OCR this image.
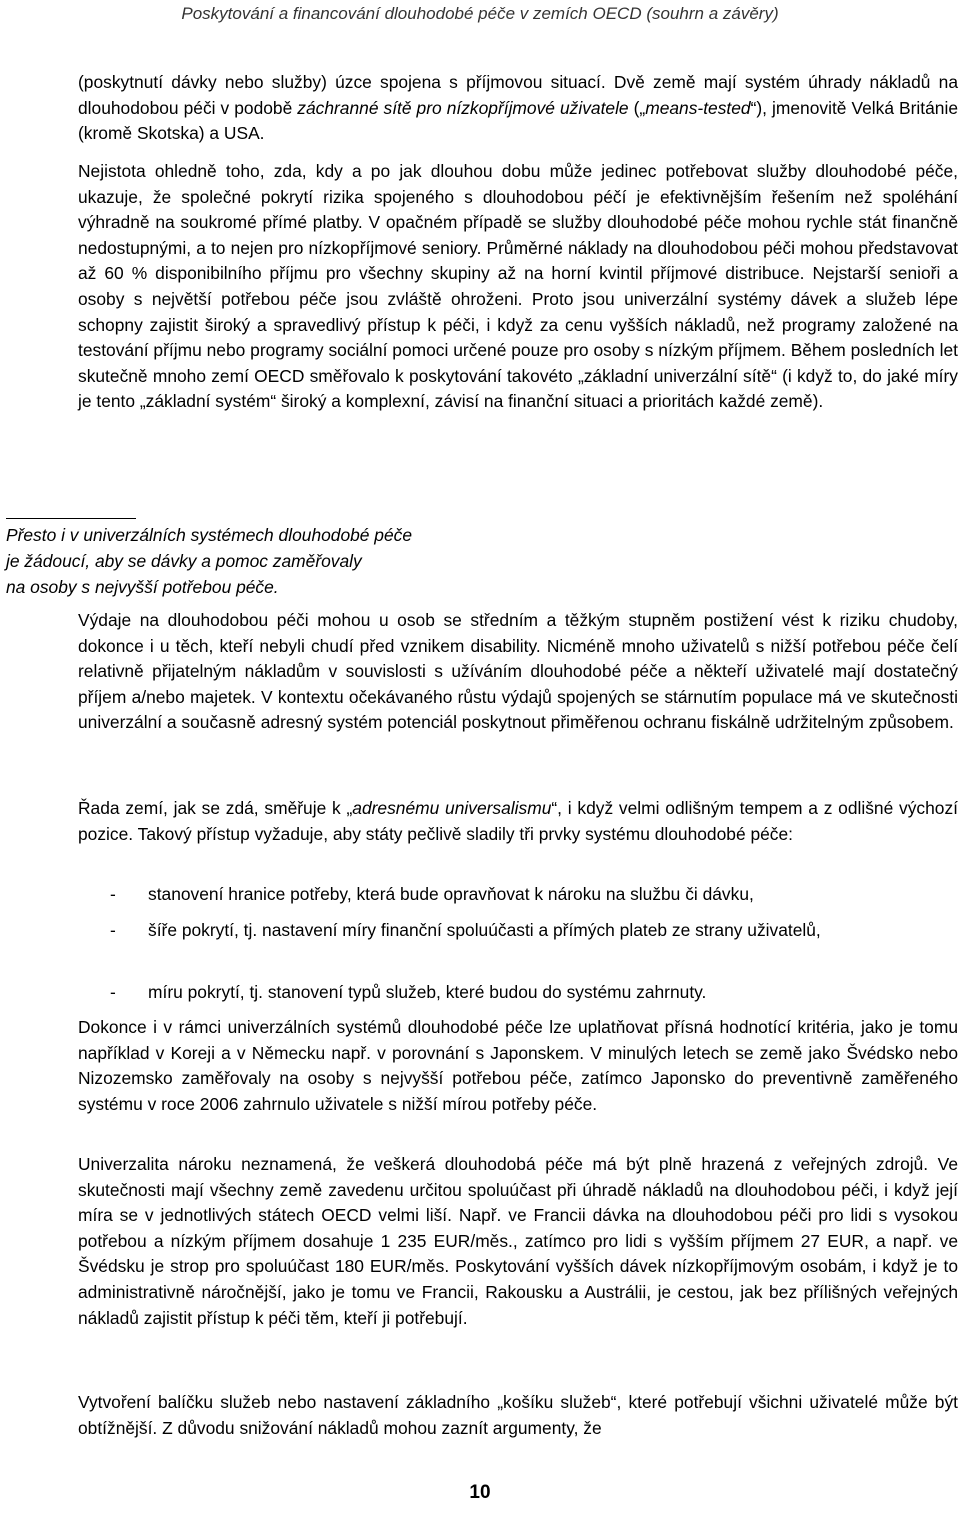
Poskytování a financování dlouhodobé péče v zemích OECD (souhrn a závěry)

(poskytnutí dávky nebo služby) úzce spojena s příjmovou situací. Dvě země mají systém úhrady nákladů na dlouhodobou péči v podobě záchranné sítě pro nízkopříjmové uživatele („means-tested“), jmenovitě Velká Británie (kromě Skotska) a USA.

Nejistota ohledně toho, zda, kdy a po jak dlouhou dobu může jedinec potřebovat služby dlouhodobé péče, ukazuje, že společné pokrytí rizika spojeného s dlouhodobou péčí je efektivnějším řešením než spoléhání výhradně na soukromé přímé platby. V opačném případě se služby dlouhodobé péče mohou rychle stát finančně nedostupnými, a to nejen pro nízkopříjmové seniory. Průměrné náklady na dlouhodobou péči mohou představovat až 60 % disponibilního příjmu pro všechny skupiny až na horní kvintil příjmové distribuce. Nejstarší senioři a osoby s největší potřebou péče jsou zvláště ohroženi. Proto jsou univerzální systémy dávek a služeb lépe schopny zajistit široký a spravedlivý přístup k péči, i když za cenu vyšších nákladů, než programy založené na testování příjmu nebo programy sociální pomoci určené pouze pro osoby s nízkým příjmem. Během posledních let skutečně mnoho zemí OECD směřovalo k poskytování takovéto „základní univerzální sítě“ (i když to, do jaké míry je tento „základní systém“ široký a komplexní, závisí na finanční situaci a prioritách každé země).

Přesto i v univerzálních systémech dlouhodobé péče
je žádoucí, aby se dávky a pomoc zaměřovaly
na osoby s nejvyšší potřebou péče.

Výdaje na dlouhodobou péči mohou u osob se středním a těžkým stupněm postižení vést k riziku chudoby, dokonce i u těch, kteří nebyli chudí před vznikem disability. Nicméně mnoho uživatelů s nižší potřebou péče čelí relativně přijatelným nákladům v souvislosti s užíváním dlouhodobé péče a někteří uživatelé mají dostatečný příjem a/nebo majetek. V kontextu očekávaného růstu výdajů spojených se stárnutím populace má ve skutečnosti univerzální a současně adresný systém potenciál poskytnout přiměřenou ochranu fiskálně udržitelným způsobem.

Řada zemí, jak se zdá, směřuje k „adresnému universalismu“, i když velmi odlišným tempem a z odlišné výchozí pozice. Takový přístup vyžaduje, aby státy pečlivě sladily tři prvky systému dlouhodobé péče:

- stanovení hranice potřeby, která bude opravňovat k nároku na službu či dávku,
- šíře pokrytí, tj. nastavení míry finanční spoluúčasti a přímých plateb ze strany uživatelů,
- míru pokrytí, tj. stanovení typů služeb, které budou do systému zahrnuty.

Dokonce i v rámci univerzálních systémů dlouhodobé péče lze uplatňovat přísná hodnotící kritéria, jako je tomu například v Koreji a v Německu např. v porovnání s Japonskem. V minulých letech se země jako Švédsko nebo Nizozemsko zaměřovaly na osoby s nejvyšší potřebou péče, zatímco Japonsko do preventivně zaměřeného systému v roce 2006 zahrnulo uživatele s nižší mírou potřeby péče.

Univerzalita nároku neznamená, že veškerá dlouhodobá péče má být plně hrazená z veřejných zdrojů. Ve skutečnosti mají všechny země zavedenu určitou spoluúčast při úhradě nákladů na dlouhodobou péči, i když její míra se v jednotlivých státech OECD velmi liší. Např. ve Francii dávka na dlouhodobou péči pro lidi s vysokou potřebou a nízkým příjmem dosahuje 1 235 EUR/měs., zatímco pro lidi s vyšším příjmem 27 EUR, a např. ve Švédsku je strop pro spoluúčast 180 EUR/měs. Poskytování vyšších dávek nízkopříjmovým osobám, i když je to administrativně náročnější, jako je tomu ve Francii, Rakousku a Austrálii, je cestou, jak bez přílišných veřejných nákladů zajistit přístup k péči těm, kteří ji potřebují.

Vytvoření balíčku služeb nebo nastavení základního „košíku služeb“, které potřebují všichni uživatelé může být obtížnější. Z důvodu snižování nákladů mohou zaznít argumenty, že

10
